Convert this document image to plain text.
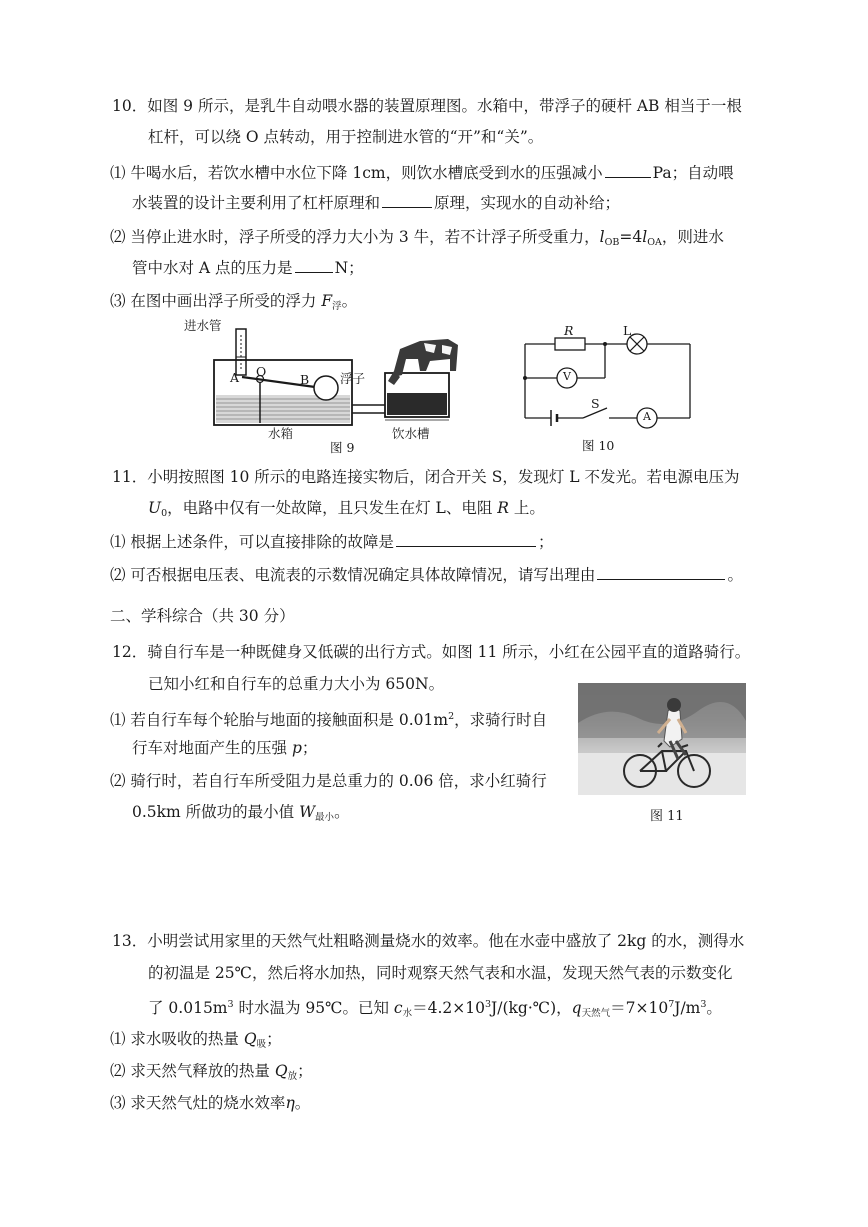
10．如图 9 所示，是乳牛自动喂水器的装置原理图。水箱中，带浮子的硬杆 AB 相当于一根
杠杆，可以绕 O 点转动，用于控制进水管的“开”和“关”。
⑴ 牛喝水后，若饮水槽中水位下降 1cm，则饮水槽底受到水的压强减小	Pa；自动喂
水装置的设计主要利用了杠杆原理和	原理，实现水的自动补给；
⑵ 当停止进水时，浮子所受的浮力大小为 3 牛，若不计浮子所受重力，$l_{OB}=4l_{OA}$，则进水
管中水对 A 点的压力是	N；
⑶ 在图中画出浮子所受的浮力 $F_浮$。
进水管
A O
B 浮子
水箱	饮水槽
图 9
R	L
V
S
A
图 10
11．小明按照图 10 所示的电路连接实物后，闭合开关 S，发现灯 L 不发光。若电源电压为
$U_0$，电路中仅有一处故障，且只发生在灯 L、电阻 R 上。
⑴ 根据上述条件，可以直接排除的故障是	；
⑵ 可否根据电压表、电流表的示数情况确定具体故障情况，请写出理由	。
二、学科综合（共 30 分）
12．骑自行车是一种既健身又低碳的出行方式。如图 11 所示，小红在公园平直的道路骑行。
已知小红和自行车的总重力大小为 650N。
⑴ 若自行车每个轮胎与地面的接触面积是 $0.01m^2$，求骑行时自
行车对地面产生的压强 p；
⑵ 骑行时，若自行车所受阻力是总重力的 0.06 倍，求小红骑行
0.5km 所做功的最小值 $W_{最小}$。	图 11
13．小明尝试用家里的天然气灶粗略测量烧水的效率。他在水壶中盛放了 2kg 的水，测得水
的初温是 25℃，然后将水加热，同时观察天然气表和水温，发现天然气表的示数变化
了 $0.015m^3$ 时水温为 95℃。已知 $c_水=4.2\times 10^3J/(kg\cdot℃)$，$q_{天然气}=7\times 10^7J/m^3$。
⑴ 求水吸收的热量 $Q_吸$；
⑵ 求天然气释放的热量 $Q_放$；
⑶ 求天然气灶的烧水效率η。
